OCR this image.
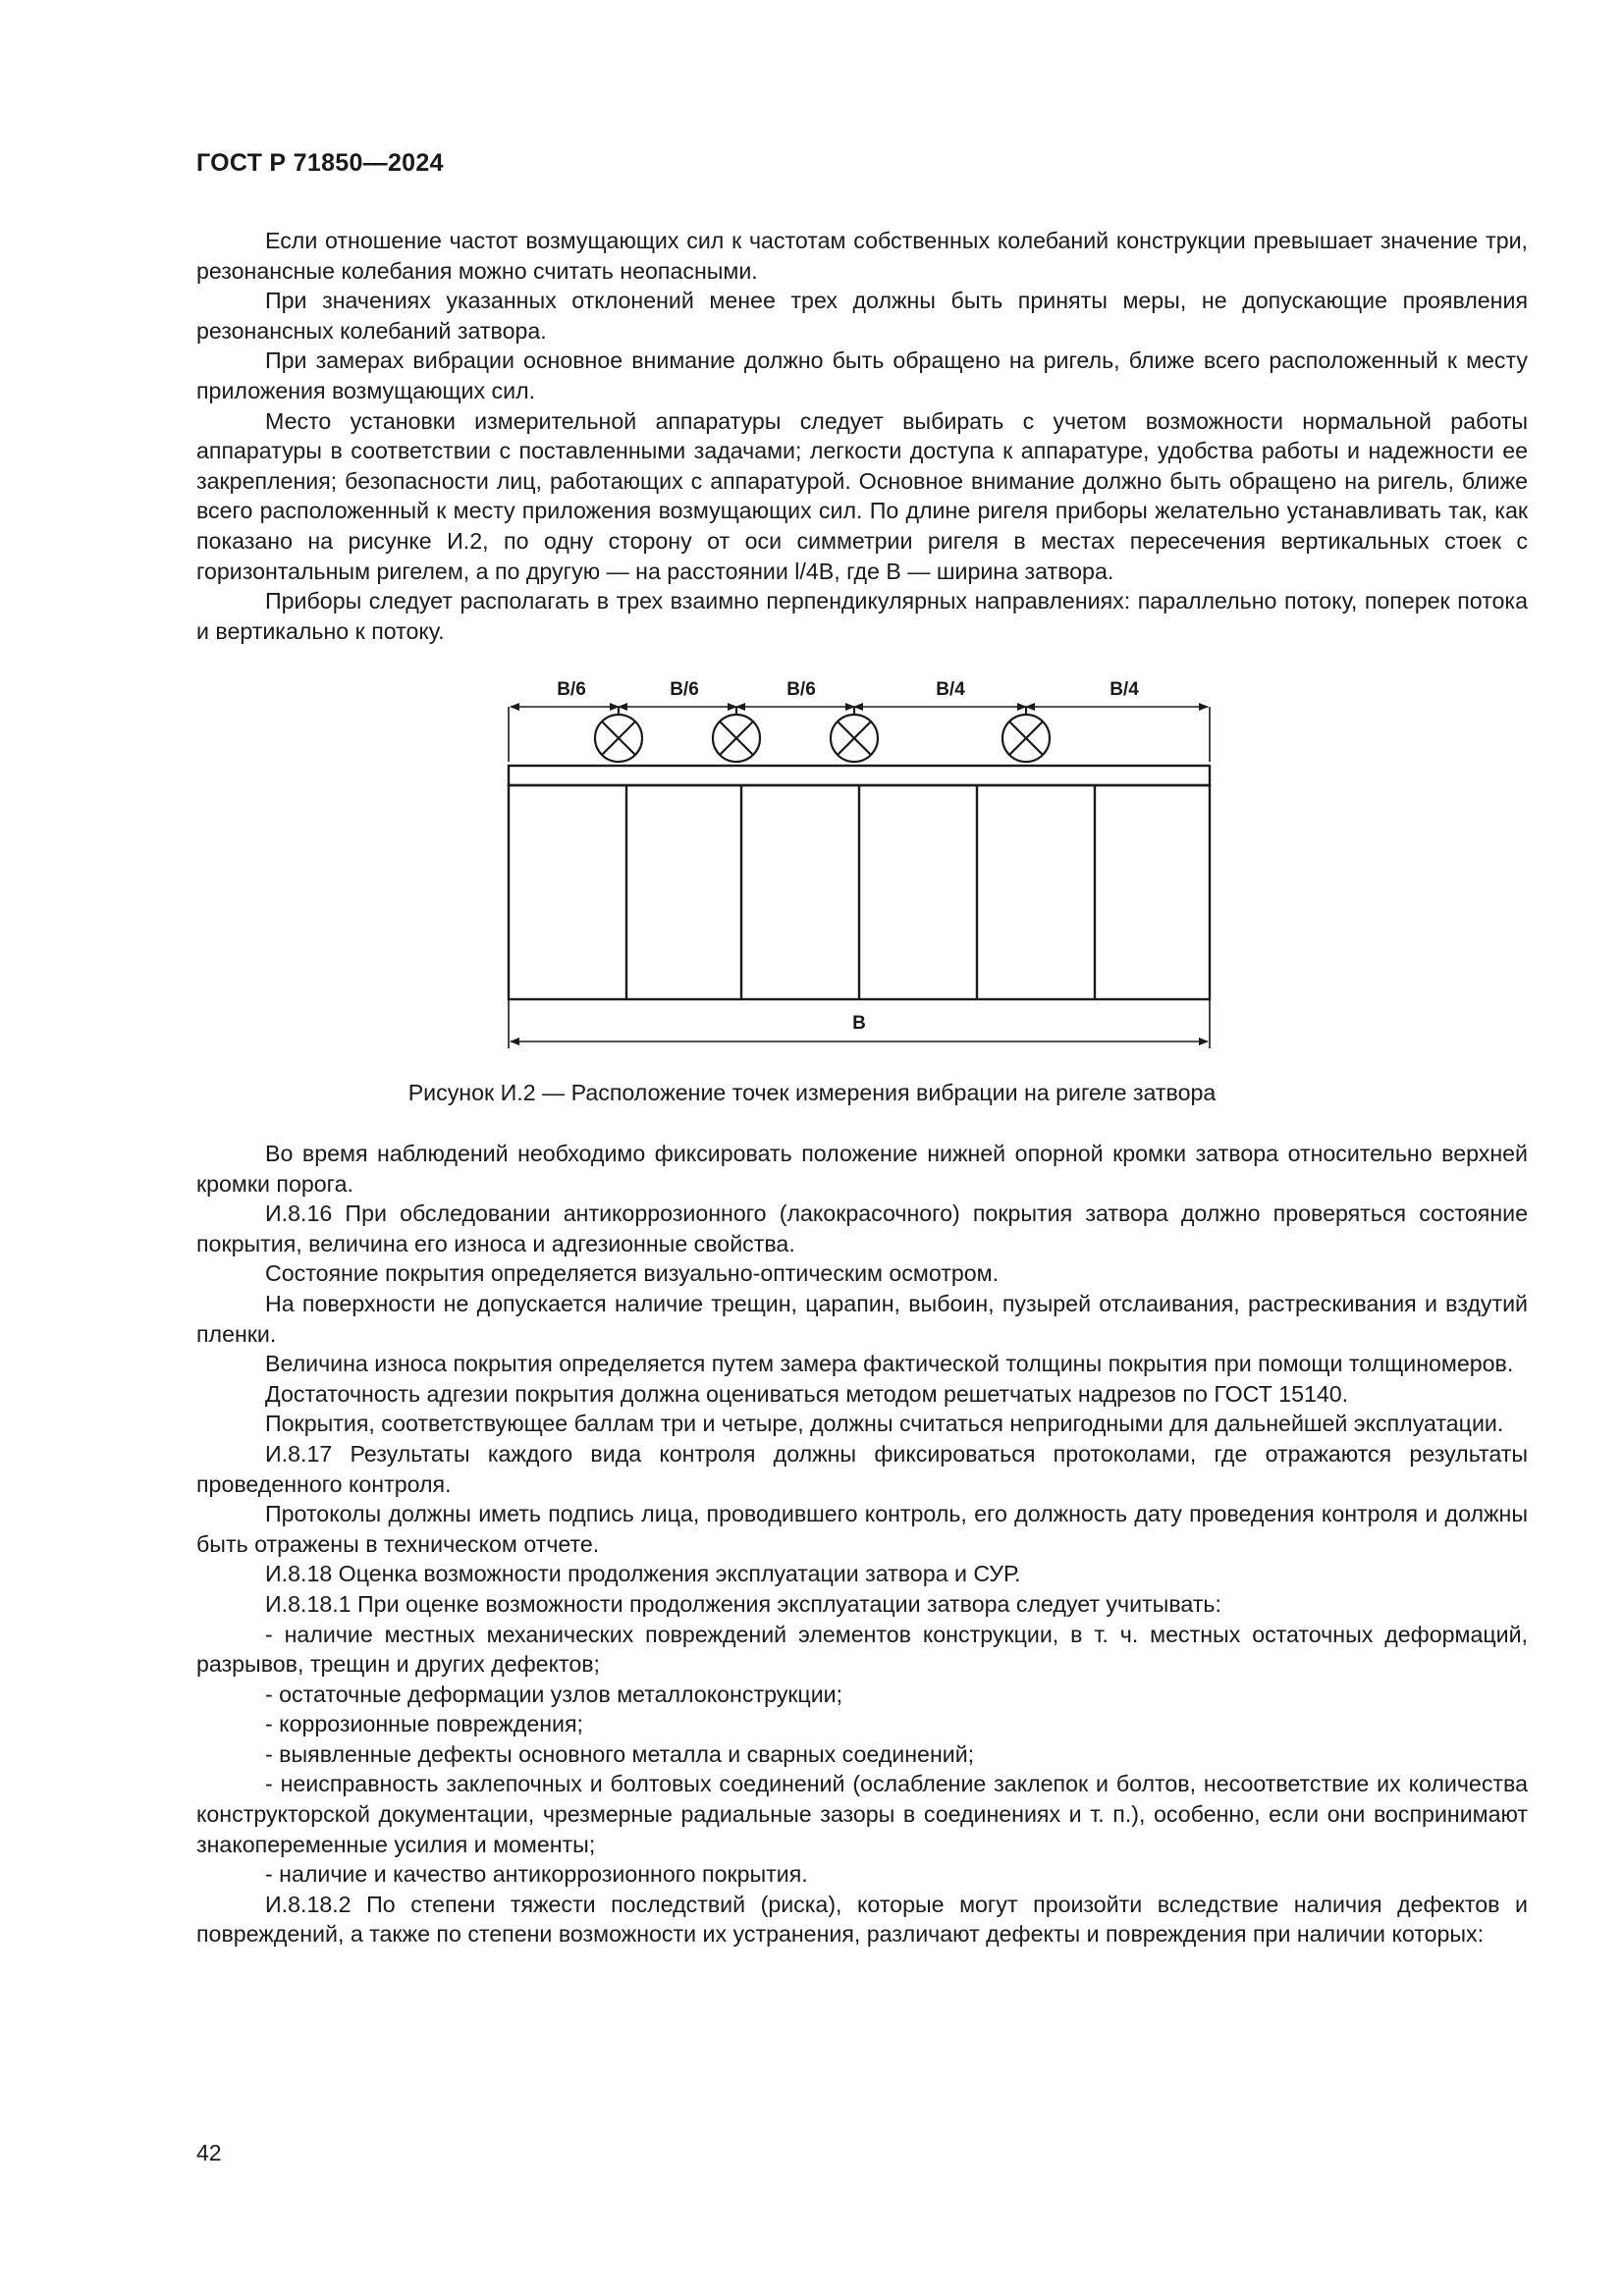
ГОСТ Р 71850—2024

Если отношение частот возмущающих сил к частотам собственных колебаний конструкции превышает значение три, резонансные колебания можно считать неопасными.

При значениях указанных отклонений менее трех должны быть приняты меры, не допускающие проявления резонансных колебаний затвора.

При замерах вибрации основное внимание должно быть обращено на ригель, ближе всего расположенный к месту приложения возмущающих сил.

Место установки измерительной аппаратуры следует выбирать с учетом возможности нормальной работы аппаратуры в соответствии с поставленными задачами; легкости доступа к аппаратуре, удобства работы и надежности ее закрепления; безопасности лиц, работающих с аппаратурой. Основное внимание должно быть обращено на ригель, ближе всего расположенный к месту приложения возмущающих сил. По длине ригеля приборы желательно устанавливать так, как показано на рисунке И.2, по одну сторону от оси симметрии ригеля в местах пересечения вертикальных стоек с горизонтальным ригелем, а по другую — на расстоянии l/4B, где B — ширина затвора.

Приборы следует располагать в трех взаимно перпендикулярных направлениях: параллельно потоку, поперек потока и вертикально к потоку.

B/6	B/6	B/6	B/4	B/4
B
Рисунок И.2 — Расположение точек измерения вибрации на ригеле затвора

Во время наблюдений необходимо фиксировать положение нижней опорной кромки затвора относительно верхней кромки порога.

И.8.16 При обследовании антикоррозионного (лакокрасочного) покрытия затвора должно проверяться состояние покрытия, величина его износа и адгезионные свойства.

Состояние покрытия определяется визуально-оптическим осмотром.

На поверхности не допускается наличие трещин, царапин, выбоин, пузырей отслаивания, растрескивания и вздутий пленки.

Величина износа покрытия определяется путем замера фактической толщины покрытия при помощи толщиномеров.

Достаточность адгезии покрытия должна оцениваться методом решетчатых надрезов по ГОСТ 15140.

Покрытия, соответствующее баллам три и четыре, должны считаться непригодными для дальнейшей эксплуатации.

И.8.17 Результаты каждого вида контроля должны фиксироваться протоколами, где отражаются результаты проведенного контроля.

Протоколы должны иметь подпись лица, проводившего контроль, его должность дату проведения контроля и должны быть отражены в техническом отчете.

И.8.18 Оценка возможности продолжения эксплуатации затвора и СУР.

И.8.18.1 При оценке возможности продолжения эксплуатации затвора следует учитывать:

- наличие местных механических повреждений элементов конструкции, в т. ч. местных остаточных деформаций, разрывов, трещин и других дефектов;

- остаточные деформации узлов металлоконструкции;

- коррозионные повреждения;

- выявленные дефекты основного металла и сварных соединений;

- неисправность заклепочных и болтовых соединений (ослабление заклепок и болтов, несоответствие их количества конструкторской документации, чрезмерные радиальные зазоры в соединениях и т. п.), особенно, если они воспринимают знакопеременные усилия и моменты;

- наличие и качество антикоррозионного покрытия.

И.8.18.2 По степени тяжести последствий (риска), которые могут произойти вследствие наличия дефектов и повреждений, а также по степени возможности их устранения, различают дефекты и повреждения при наличии которых:

42
